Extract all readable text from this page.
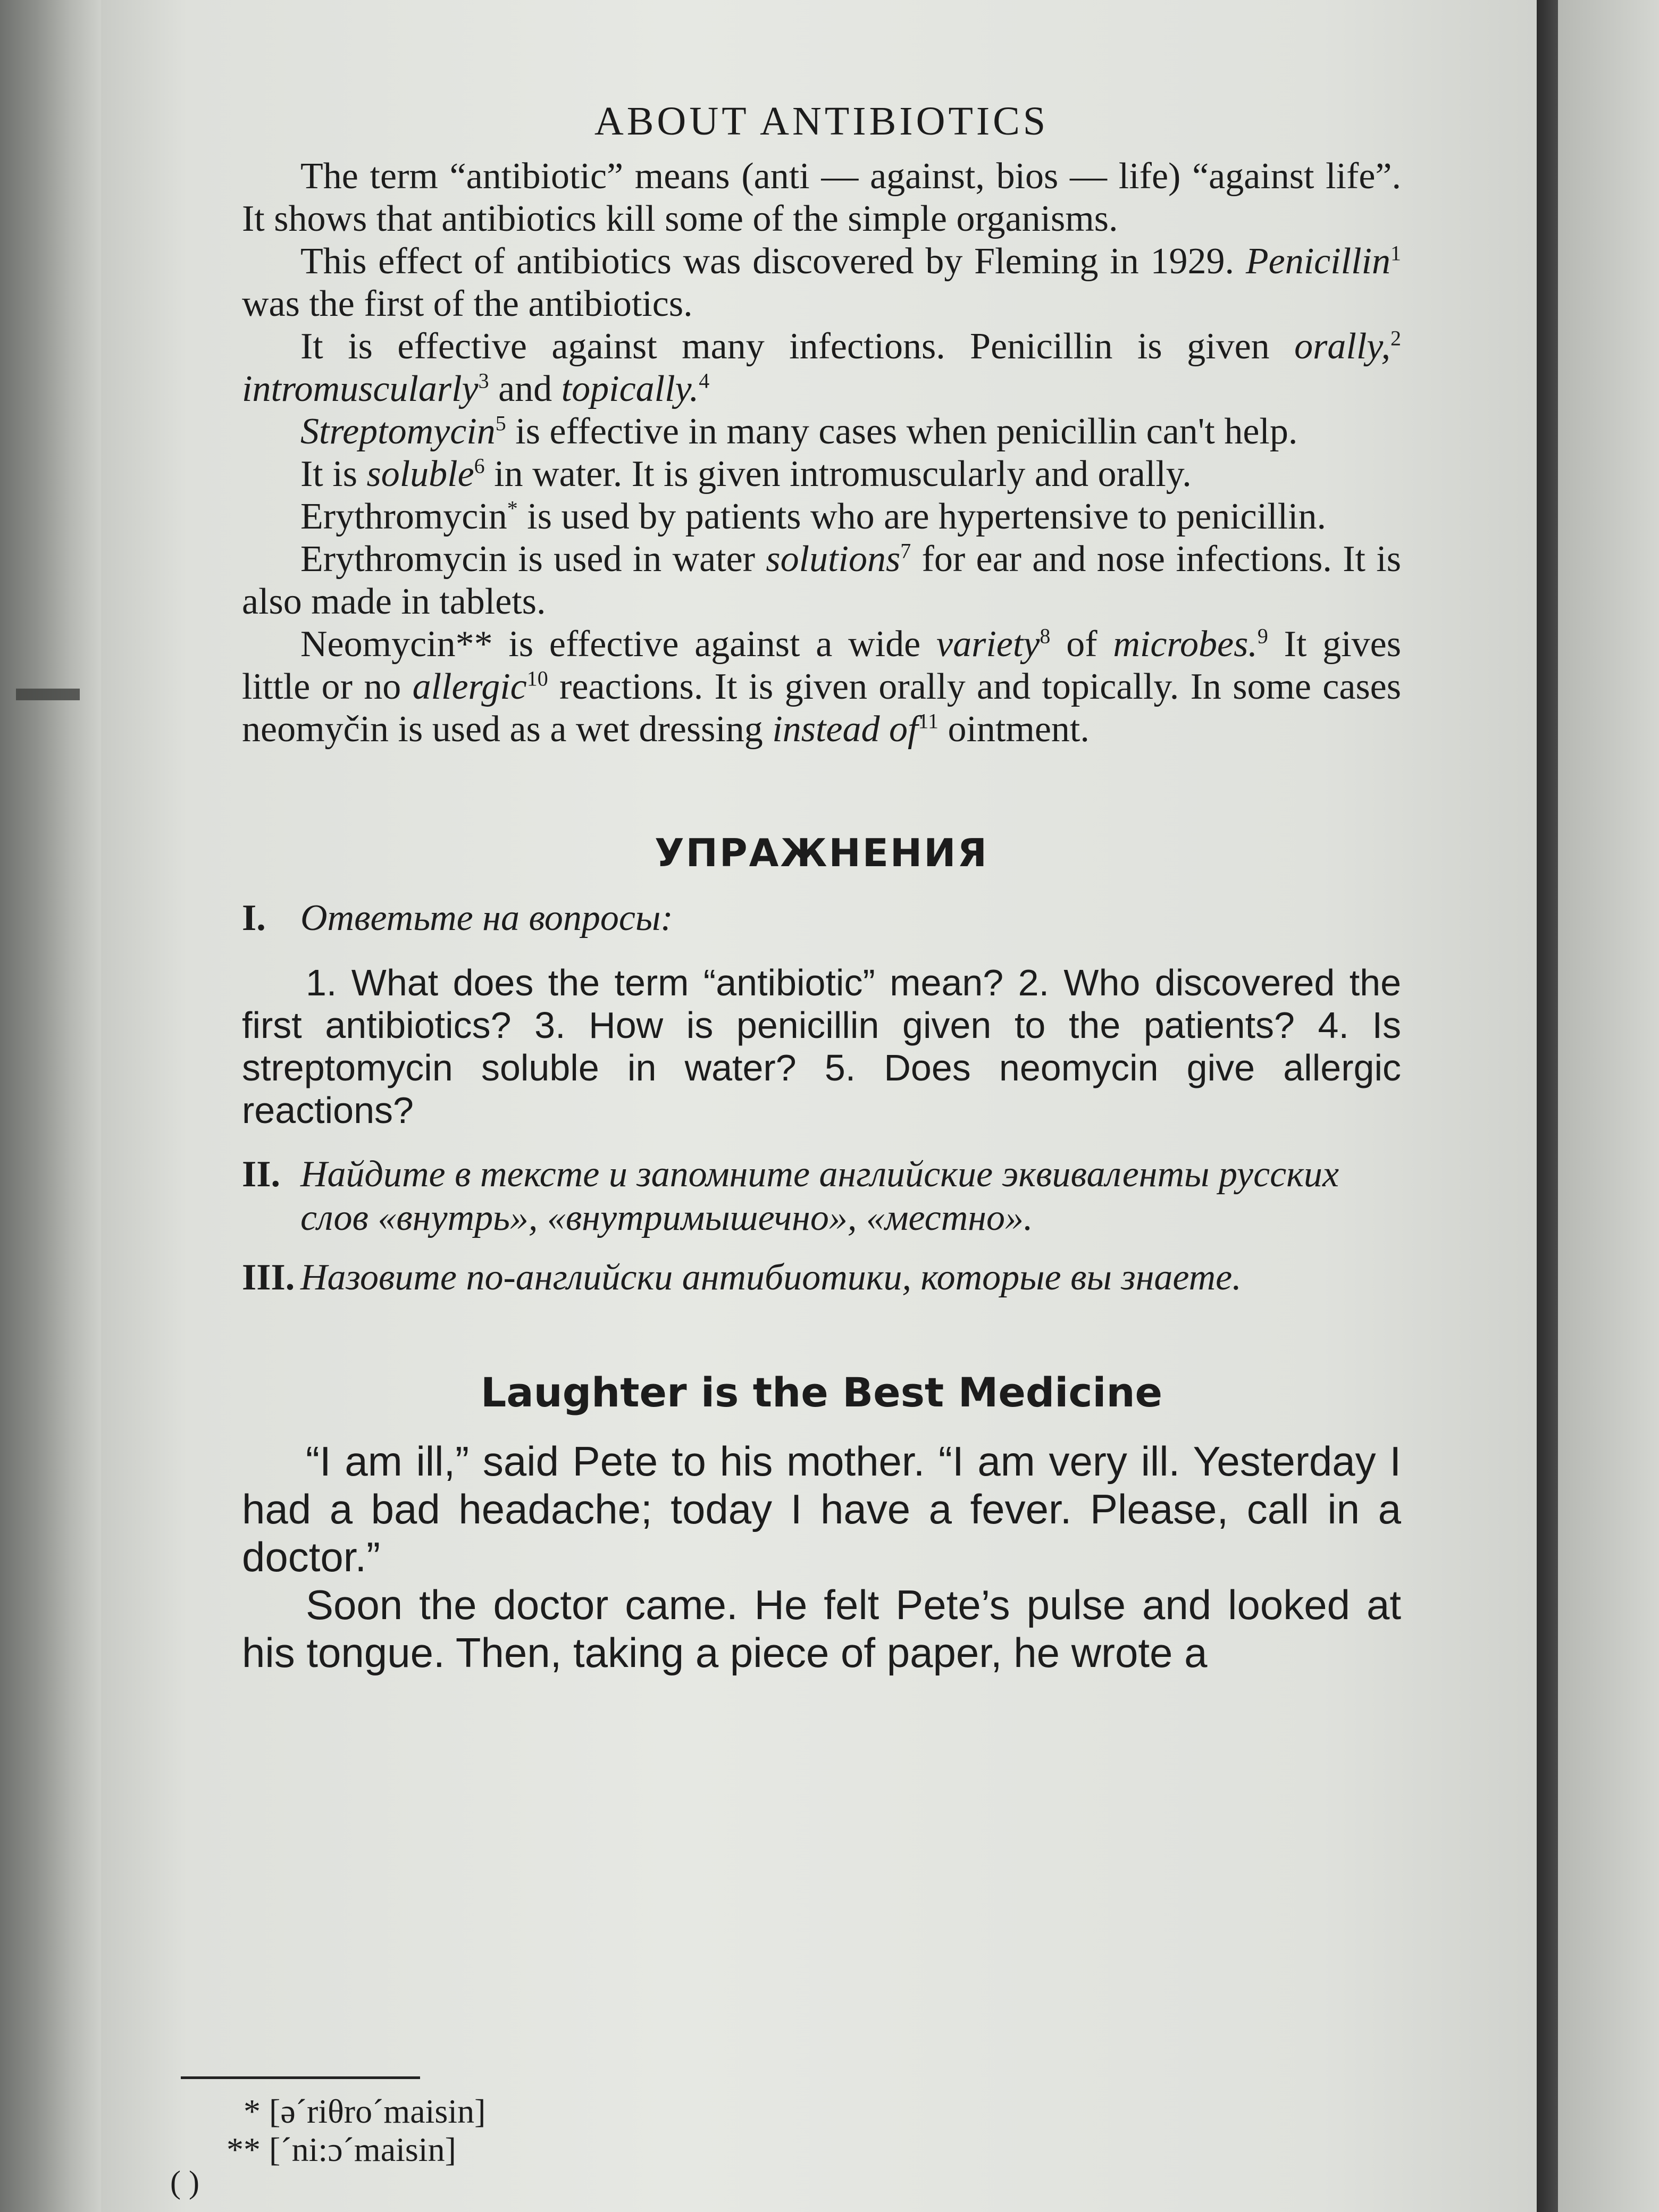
ABOUT ANTIBIOTICS

The term “antibiotic” means (anti — against, bios — life) “against life”. It shows that antibiotics kill some of the simple organisms.

This effect of antibiotics was discovered by Fleming in 1929. Penicillin$^1$ was the first of the antibiotics.

It is effective against many infections. Penicillin is given orally,$^2$ intromuscularly$^3$ and topically.$^4$

Streptomycin$^5$ is effective in many cases when penicillin can't help.

It is soluble$^6$ in water. It is given intromuscularly and orally.

Erythromycin* is used by patients who are hypertensive to penicillin.

Erythromycin is used in water solutions$^7$ for ear and nose infections. It is also made in tablets.

Neomycin** is effective against a wide variety$^8$ of microbes.$^9$ It gives little or no allergic$^{10}$ reactions. It is given orally and topically. In some cases neomyčin is used as a wet dressing instead $of^{11}$ ointment.

УПРАЖНЕНИЯ

I. Ответьте на вопросы:

1. What does the term “antibiotic” mean? 2. Who discovered the first antibiotics? 3. How is penicillin given to the patients? 4. Is streptomycin soluble in water? 5. Does neomycin give allergic reactions?

II. Найдите в тексте и запомните английские эквиваленты русских слов «внутрь», «внутримышечно», «местно».

III. Назовите по-английски антибиотики, которые вы знаете.

Laughter is the Best Medicine

“I am ill,” said Pete to his mother. “I am very ill. Yesterday I had a bad headache; today I have a fever. Please, call in a doctor.”

Soon the doctor came. He felt Pete’s pulse and looked at his tongue. Then, taking a piece of paper, he wrote a

* [ə´riθro´maisin]
** [´ni:ɔ´maisin]
( )
